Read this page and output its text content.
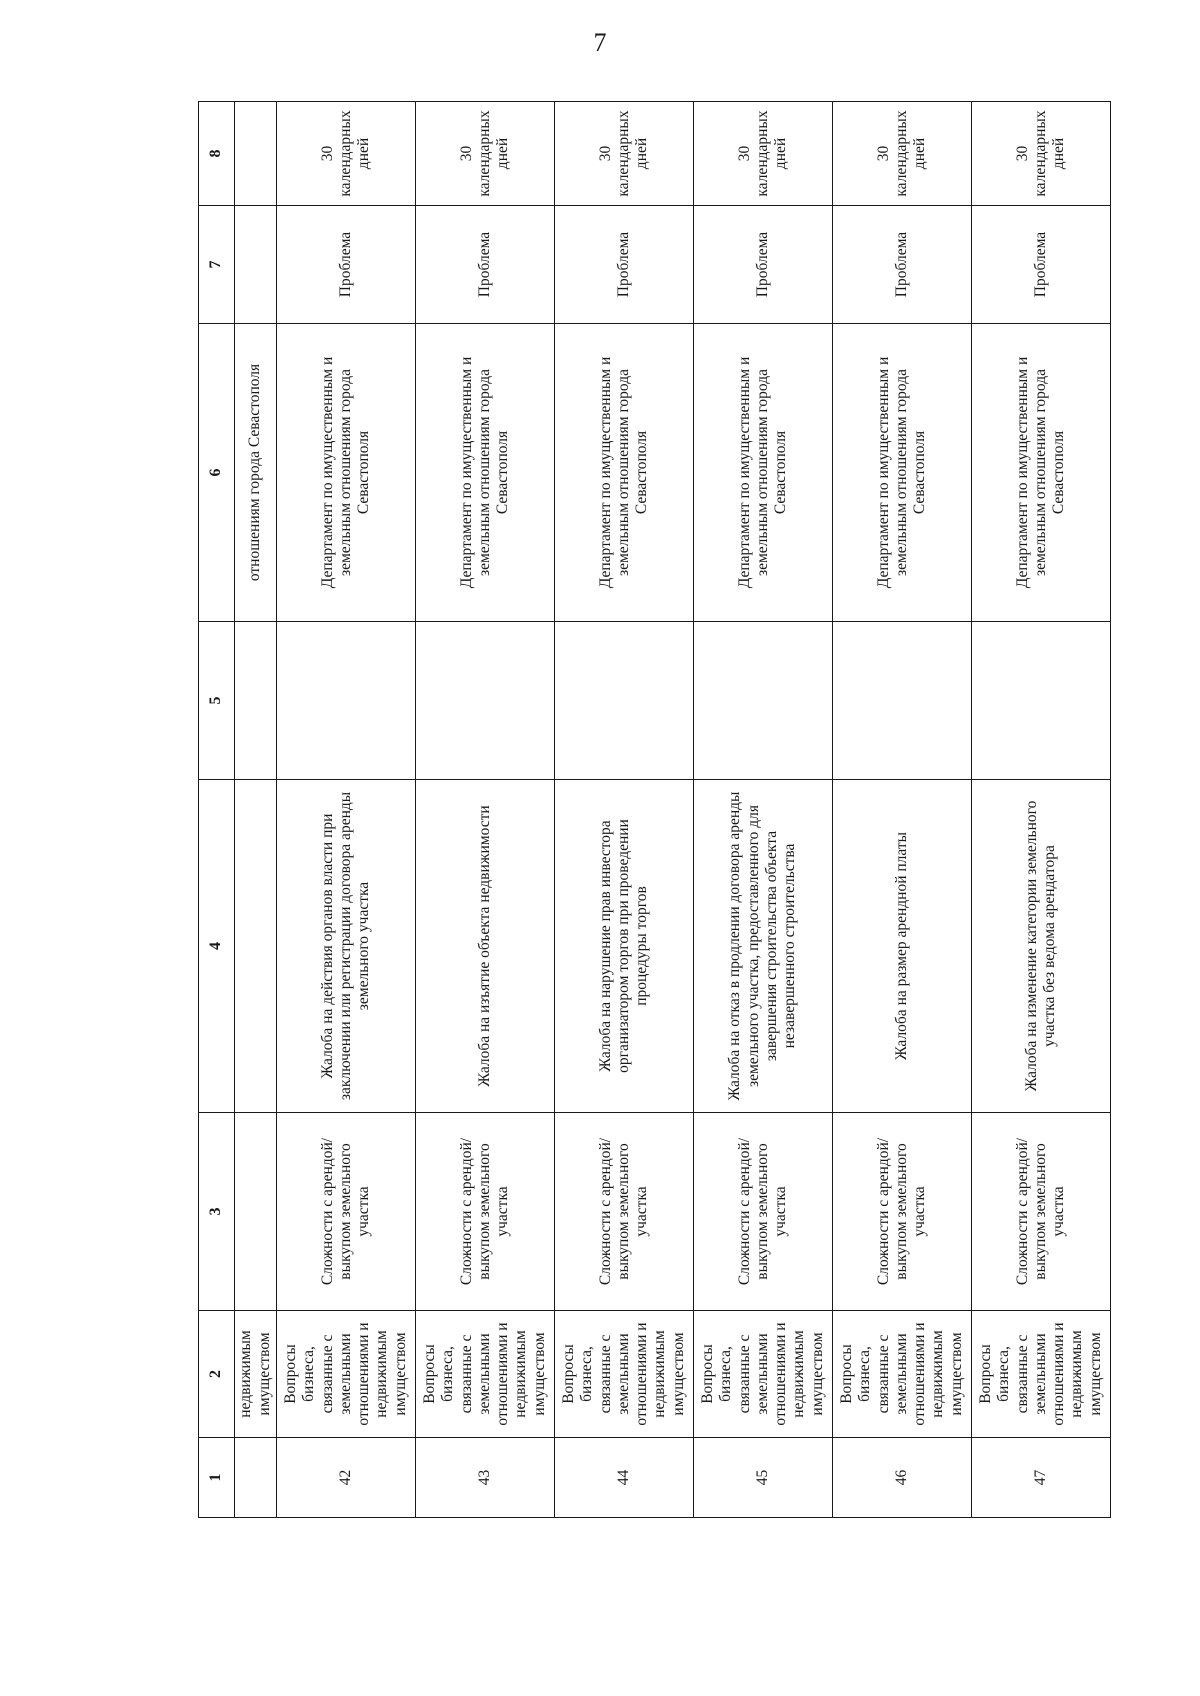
7
1	2	3	4	5	6	7	8
	недвижимым имуществом				отношениям города Севастополя		
42	Вопросы бизнеса, связанные с земельными отношениями и недвижимым имуществом	Сложности с арендой/выкупом земельного участка	Жалоба на действия органов власти при заключении или регистрации договора аренды земельного участка		Департамент по имущественным и земельным отношениям города Севастополя	Проблема	30 календарных дней
43	Вопросы бизнеса, связанные с земельными отношениями и недвижимым имуществом	Сложности с арендой/выкупом земельного участка	Жалоба на изъятие объекта недвижимости		Департамент по имущественным и земельным отношениям города Севастополя	Проблема	30 календарных дней
44	Вопросы бизнеса, связанные с земельными отношениями и недвижимым имуществом	Сложности с арендой/выкупом земельного участка	Жалоба на нарушение прав инвестора организатором торгов при проведении процедуры торгов		Департамент по имущественным и земельным отношениям города Севастополя	Проблема	30 календарных дней
45	Вопросы бизнеса, связанные с земельными отношениями и недвижимым имуществом	Сложности с арендой/выкупом земельного участка	Жалоба на отказ в продлении договора аренды земельного участка, предоставленного для завершения строительства объекта незавершенного строительства		Департамент по имущественным и земельным отношениям города Севастополя	Проблема	30 календарных дней
46	Вопросы бизнеса, связанные с земельными отношениями и недвижимым имуществом	Сложности с арендой/выкупом земельного участка	Жалоба на размер арендной платы		Департамент по имущественным и земельным отношениям города Севастополя	Проблема	30 календарных дней
47	Вопросы бизнеса, связанные с земельными отношениями и недвижимым имуществом	Сложности с арендой/выкупом земельного участка	Жалоба на изменение категории земельного участка без ведома арендатора		Департамент по имущественным и земельным отношениям города Севастополя	Проблема	30 календарных дней
